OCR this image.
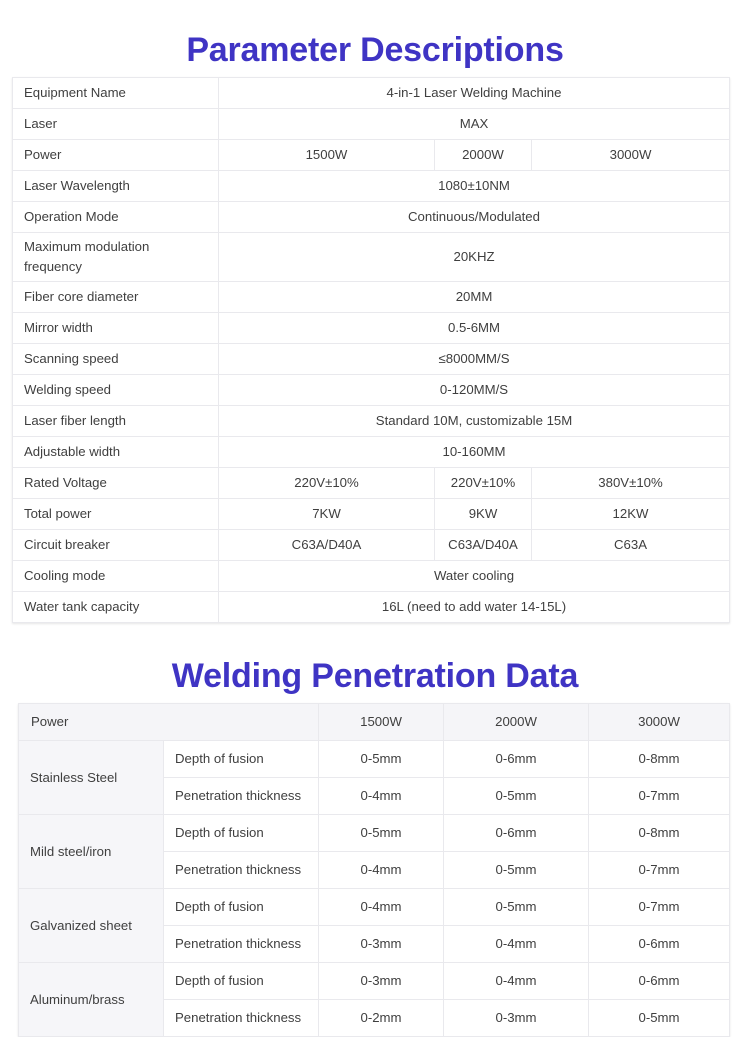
Parameter Descriptions
Equipment Name	4-in-1 Laser Welding Machine		
Laser	MAX		
Power	1500W	2000W	3000W
Laser Wavelength	1080±10NM		
Operation Mode	Continuous/Modulated		
Maximum modulation frequency	20KHZ		
Fiber core diameter	20MM		
Mirror width	0.5-6MM		
Scanning speed	≤8000MM/S		
Welding speed	0-120MM/S		
Laser fiber length	Standard 10M, customizable 15M		
Adjustable width	10-160MM		
Rated Voltage	220V±10%	220V±10%	380V±10%
Total power	7KW	9KW	12KW
Circuit breaker	C63A/D40A	C63A/D40A	C63A
Cooling mode	Water cooling		
Water tank capacity	16L (need to add water 14-15L)		
Welding Penetration Data
Power		1500W	2000W	3000W
Stainless Steel	Depth of fusion	0-5mm	0-6mm	0-8mm
	Penetration thickness	0-4mm	0-5mm	0-7mm
Mild steel/iron	Depth of fusion	0-5mm	0-6mm	0-8mm
	Penetration thickness	0-4mm	0-5mm	0-7mm
Galvanized sheet	Depth of fusion	0-4mm	0-5mm	0-7mm
	Penetration thickness	0-3mm	0-4mm	0-6mm
Aluminum/brass	Depth of fusion	0-3mm	0-4mm	0-6mm
	Penetration thickness	0-2mm	0-3mm	0-5mm
